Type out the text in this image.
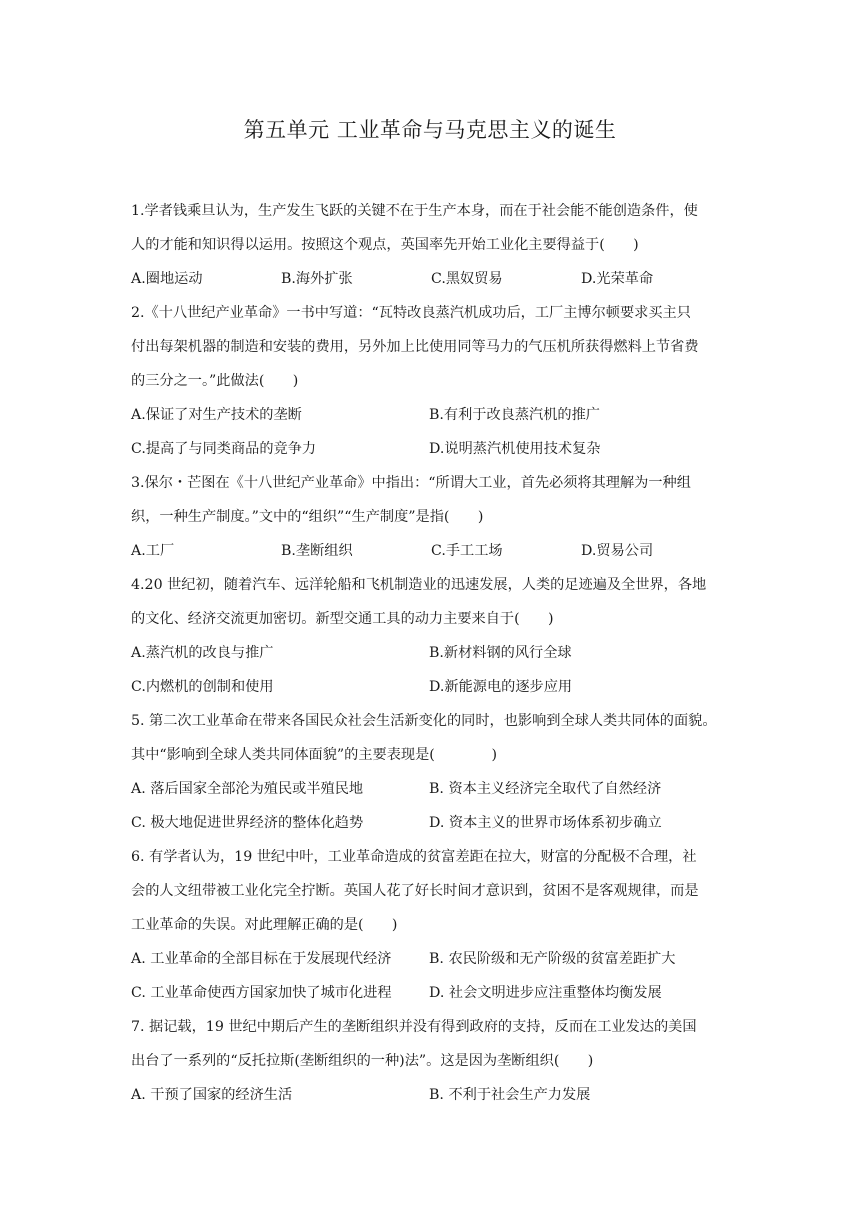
第五单元 工业革命与马克思主义的诞生
1.学者钱乘旦认为，生产发生飞跃的关键不在于生产本身，而在于社会能不能创造条件，使
人的才能和知识得以运用。按照这个观点，英国率先开始工业化主要得益于(　　)
A.圈地运动	B.海外扩张	C.黑奴贸易	D.光荣革命
2.《十八世纪产业革命》一书中写道：“瓦特改良蒸汽机成功后，工厂主博尔顿要求买主只
付出每架机器的制造和安装的费用，另外加上比使用同等马力的气压机所获得燃料上节省费
的三分之一。”此做法(　　)
A.保证了对生产技术的垄断	B.有利于改良蒸汽机的推广
C.提高了与同类商品的竞争力	D.说明蒸汽机使用技术复杂
3.保尔・芒图在《十八世纪产业革命》中指出：“所谓大工业，首先必须将其理解为一种组
织，一种生产制度。”文中的“组织”“生产制度”是指(　　)
A.工厂	B.垄断组织	C.手工工场	D.贸易公司
4.20 世纪初，随着汽车、远洋轮船和飞机制造业的迅速发展，人类的足迹遍及全世界，各地
的文化、经济交流更加密切。新型交通工具的动力主要来自于(　　)
A.蒸汽机的改良与推广	B.新材料钢的风行全球
C.内燃机的创制和使用	D.新能源电的逐步应用
5. 第二次工业革命在带来各国民众社会生活新变化的同时，也影响到全球人类共同体的面貌。
其中“影响到全球人类共同体面貌”的主要表现是(　　　　)
A. 落后国家全部沦为殖民或半殖民地	B. 资本主义经济完全取代了自然经济
C. 极大地促进世界经济的整体化趋势	D. 资本主义的世界市场体系初步确立
6. 有学者认为，19 世纪中叶，工业革命造成的贫富差距在拉大，财富的分配极不合理，社
会的人文纽带被工业化完全拧断。英国人花了好长时间才意识到，贫困不是客观规律，而是
工业革命的失误。对此理解正确的是(　　)
A. 工业革命的全部目标在于发展现代经济	B. 农民阶级和无产阶级的贫富差距扩大
C. 工业革命使西方国家加快了城市化进程	D. 社会文明进步应注重整体均衡发展
7. 据记载，19 世纪中期后产生的垄断组织并没有得到政府的支持，反而在工业发达的美国
出台了一系列的“反托拉斯(垄断组织的一种)法”。这是因为垄断组织(　　)
A. 干预了国家的经济生活	B. 不利于社会生产力发展
